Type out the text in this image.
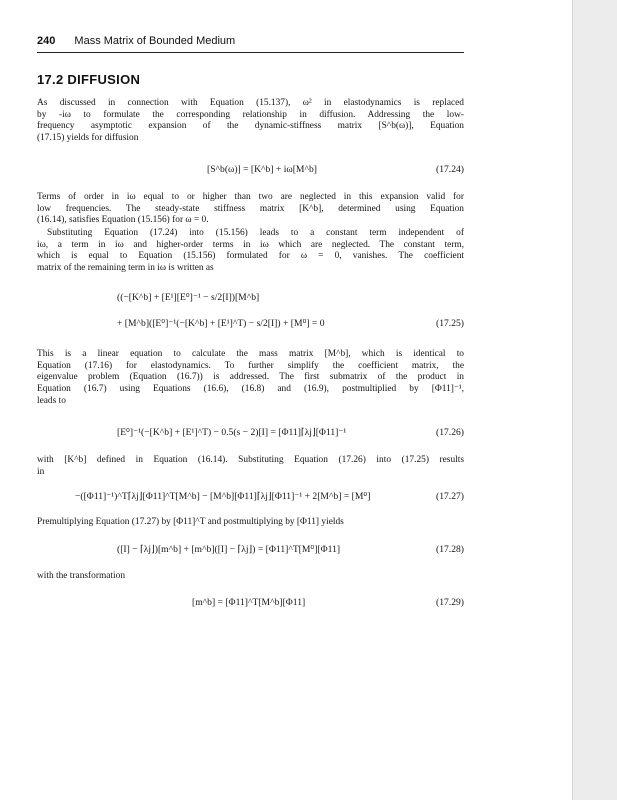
240 Mass Matrix of Bounded Medium
17.2 DIFFUSION

As discussed in connection with Equation (15.137), ω² in elastodynamics is replaced
by -iω to formulate the corresponding relationship in diffusion. Addressing the low-
frequency asymptotic expansion of the dynamic-stiffness matrix [S^b(ω)], Equation
(17.15) yields for diffusion

[S^b(ω)] = [K^b] + iω[M^b]	(17.24)

Terms of order in iω equal to or higher than two are neglected in this expansion valid for
low frequencies. The steady-state stiffness matrix [K^b], determined using Equation
(16.14), satisfies Equation (15.156) for ω = 0.

Substituting Equation (17.24) into (15.156) leads to a constant term independent of
iω, a term in iω and higher-order terms in iω which are neglected. The constant term,
which is equal to Equation (15.156) formulated for ω = 0, vanishes. The coefficient
matrix of the remaining term in iω is written as

((−[K^b] + [E¹][E⁰]⁻¹ − s/2[I])[M^b]
+ [M^b]([E⁰]⁻¹(−[K^b] + [E¹]^T) − s/2[I]) + [M⁰] = 0	(17.25)

This is a linear equation to calculate the mass matrix [M^b], which is identical to
Equation (17.16) for elastodynamics. To further simplify the coefficient matrix, the
eigenvalue problem (Equation (16.7)) is addressed. The first submatrix of the product in
Equation (16.7) using Equations (16.6), (16.8) and (16.9), postmultiplied by [Φ11]⁻¹,
leads to

[E⁰]⁻¹(−[K^b] + [E¹]^T) − 0.5(s − 2)[I] = [Φ11]⌈λj⌋[Φ11]⁻¹	(17.26)

with [K^b] defined in Equation (16.14). Substituting Equation (17.26) into (17.25) results
in

−([Φ11]⁻¹)^T⌈λj⌋[Φ11]^T[M^b] − [M^b][Φ11]⌈λj⌋[Φ11]⁻¹ + 2[M^b] = [M⁰]	(17.27)

Premultiplying Equation (17.27) by [Φ11]^T and postmultiplying by [Φ11] yields

([I] − ⌈λj⌋)[m^b] + [m^b]([I] − ⌈λj⌋) = [Φ11]^T[M⁰][Φ11]	(17.28)

with the transformation

[m^b] = [Φ11]^T[M^b][Φ11]	(17.29)
